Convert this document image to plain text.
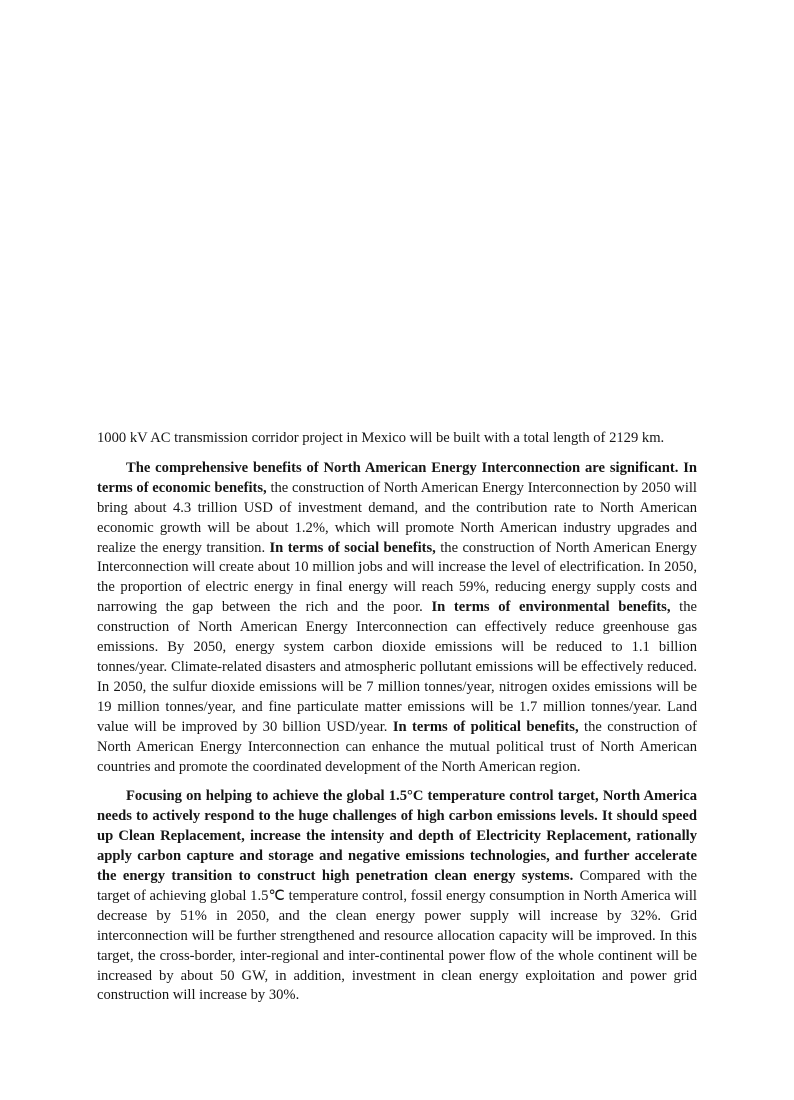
1000 kV AC transmission corridor project in Mexico will be built with a total length of 2129 km.

The comprehensive benefits of North American Energy Interconnection are significant. In terms of economic benefits, the construction of North American Energy Interconnection by 2050 will bring about 4.3 trillion USD of investment demand, and the contribution rate to North American economic growth will be about 1.2%, which will promote North American industry upgrades and realize the energy transition. In terms of social benefits, the construction of North American Energy Interconnection will create about 10 million jobs and will increase the level of electrification. In 2050, the proportion of electric energy in final energy will reach 59%, reducing energy supply costs and narrowing the gap between the rich and the poor. In terms of environmental benefits, the construction of North American Energy Interconnection can effectively reduce greenhouse gas emissions. By 2050, energy system carbon dioxide emissions will be reduced to 1.1 billion tonnes/year. Climate-related disasters and atmospheric pollutant emissions will be effectively reduced. In 2050, the sulfur dioxide emissions will be 7 million tonnes/year, nitrogen oxides emissions will be 19 million tonnes/year, and fine particulate matter emissions will be 1.7 million tonnes/year. Land value will be improved by 30 billion USD/year. In terms of political benefits, the construction of North American Energy Interconnection can enhance the mutual political trust of North American countries and promote the coordinated development of the North American region.

Focusing on helping to achieve the global 1.5°C temperature control target, North America needs to actively respond to the huge challenges of high carbon emissions levels. It should speed up Clean Replacement, increase the intensity and depth of Electricity Replacement, rationally apply carbon capture and storage and negative emissions technologies, and further accelerate the energy transition to construct high penetration clean energy systems. Compared with the target of achieving global 1.5℃ temperature control, fossil energy consumption in North America will decrease by 51% in 2050, and the clean energy power supply will increase by 32%. Grid interconnection will be further strengthened and resource allocation capacity will be improved. In this target, the cross-border, inter-regional and inter-continental power flow of the whole continent will be increased by about 50 GW, in addition, investment in clean energy exploitation and power grid construction will increase by 30%.
